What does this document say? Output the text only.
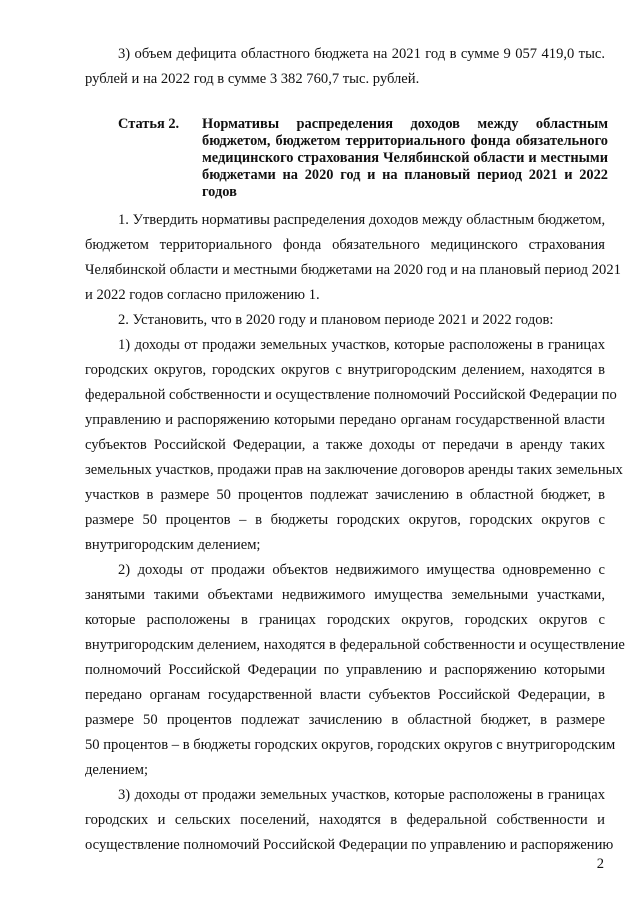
3) объем дефицита областного бюджета на 2021 год в сумме 9 057 419,0 тыс.
рублей и на 2022 год в сумме 3 382 760,7 тыс. рублей.
Статья 2. Нормативы распределения доходов между областным
бюджетом, бюджетом территориального фонда обязательного
медицинского страхования Челябинской области и местными
бюджетами на 2020 год и на плановый период 2021 и 2022
годов
1. Утвердить нормативы распределения доходов между областным бюджетом,
бюджетом территориального фонда обязательного медицинского страхования
Челябинской области и местными бюджетами на 2020 год и на плановый период 2021
и 2022 годов согласно приложению 1.
2. Установить, что в 2020 году и плановом периоде 2021 и 2022 годов:
1) доходы от продажи земельных участков, которые расположены в границах
городских округов, городских округов с внутригородским делением, находятся в
федеральной собственности и осуществление полномочий Российской Федерации по
управлению и распоряжению которыми передано органам государственной власти
субъектов Российской Федерации, а также доходы от передачи в аренду таких
земельных участков, продажи прав на заключение договоров аренды таких земельных
участков в размере 50 процентов подлежат зачислению в областной бюджет, в
размере 50 процентов – в бюджеты городских округов, городских округов с
внутригородским делением;
2) доходы от продажи объектов недвижимого имущества одновременно с
занятыми такими объектами недвижимого имущества земельными участками,
которые расположены в границах городских округов, городских округов с
внутригородским делением, находятся в федеральной собственности и осуществление
полномочий Российской Федерации по управлению и распоряжению которыми
передано органам государственной власти субъектов Российской Федерации, в
размере 50 процентов подлежат зачислению в областной бюджет, в размере
50 процентов – в бюджеты городских округов, городских округов с внутригородским
делением;
3) доходы от продажи земельных участков, которые расположены в границах
городских и сельских поселений, находятся в федеральной собственности и
осуществление полномочий Российской Федерации по управлению и распоряжению
2
